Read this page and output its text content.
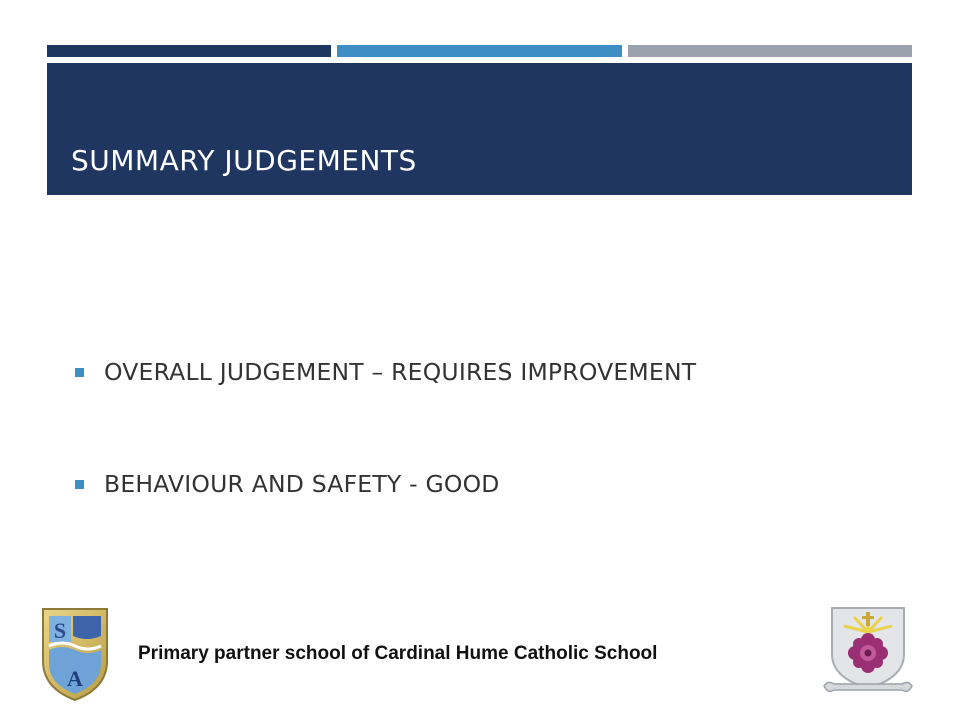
SUMMARY JUDGEMENTS
OVERALL JUDGEMENT – REQUIRES IMPROVEMENT
BEHAVIOUR AND SAFETY - GOOD
S
A
Primary partner school of Cardinal Hume Catholic School
